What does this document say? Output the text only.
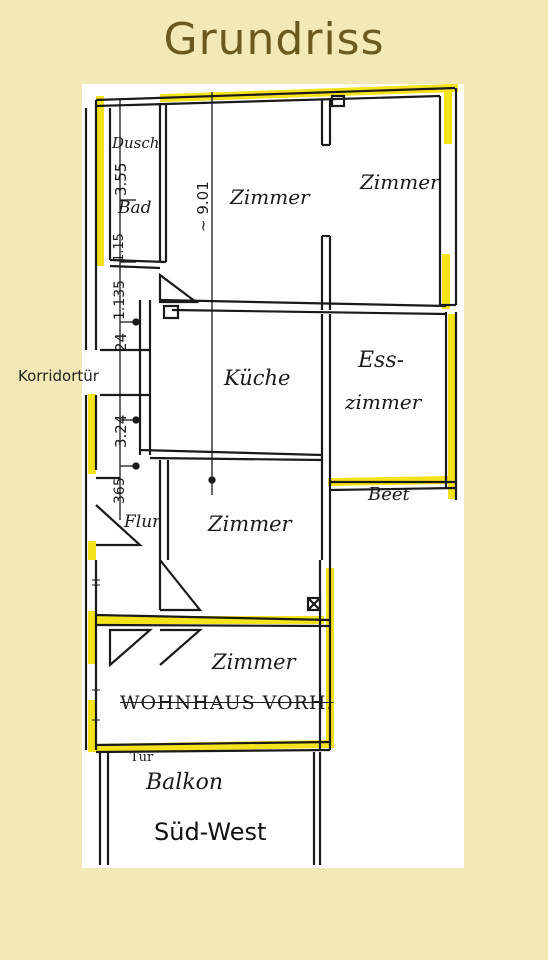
Grundriss
Dusch
Bad	Zimmer
Zimmer
Küche
Ess-
zimmer
Beet
Flur Zimmer
Zimmer
WOHNHAUS VORH.
Tür
Balkon
3.55
1.15
1.135
24
3.24
365
~ 9.01
Korridortür
Süd-West
